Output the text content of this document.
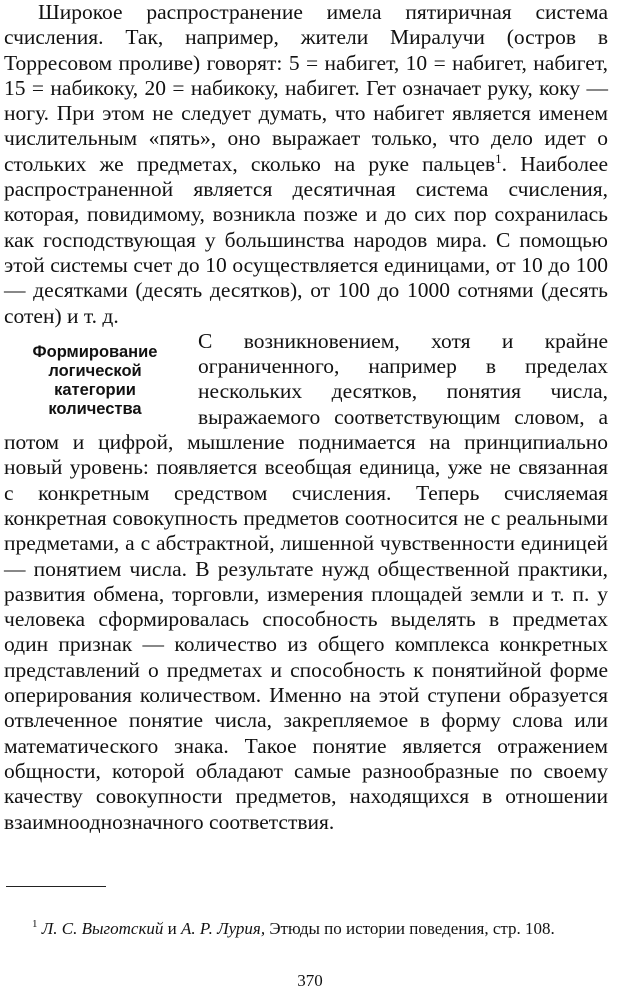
Широкое распространение имела пятиричная система счисления. Так, например, жители Миралучи (остров в Торресовом проливе) говорят: 5 = набигет, 10 = набигет, набигет, 15 = набикоку, 20 = набикоку, набигет. Гет означает руку, коку — ногу. При этом не следует думать, что набигет является именем числительным «пять», оно выражает только, что дело идет о стольких же предметах, сколько на руке пальцев$^1$. Наиболее распространенной является десятичная система счисления, которая, повидимому, возникла позже и до сих пор сохранилась как господствующая у большинства народов мира. С помощью этой системы счет до 10 осуществляется единицами, от 10 до 100 — десятками (десять десятков), от 100 до 1000 сотнями (десять сотен) и т. д.

Формирование
логической
категории
количества
С возникновением, хотя и крайне ограниченного, например в пределах нескольких десятков, понятия числа, выражаемого соответствующим словом, а потом и цифрой, мышление поднимается на принципиально новый уровень: появляется всеобщая единица, уже не связанная с конкретным средством счисления. Теперь счисляемая конкретная совокупность предметов соотносится не с реальными предметами, а с абстрактной, лишенной чувственности единицей — понятием числа. В результате нужд общественной практики, развития обмена, торговли, измерения площадей земли и т. п. у человека сформировалась способность выделять в предметах один признак — количество из общего комплекса конкретных представлений о предметах и способность к понятийной форме оперирования количеством. Именно на этой ступени образуется отвлеченное понятие числа, закрепляемое в форму слова или математического знака. Такое понятие является отражением общности, которой обладают самые разнообразные по своему качеству совокупности предметов, находящихся в отношении взаимнооднозначного соответствия.

$^1$ Л. С. Выготский и А. Р. Лурия, Этюды по истории поведения, стр. 108.
370
